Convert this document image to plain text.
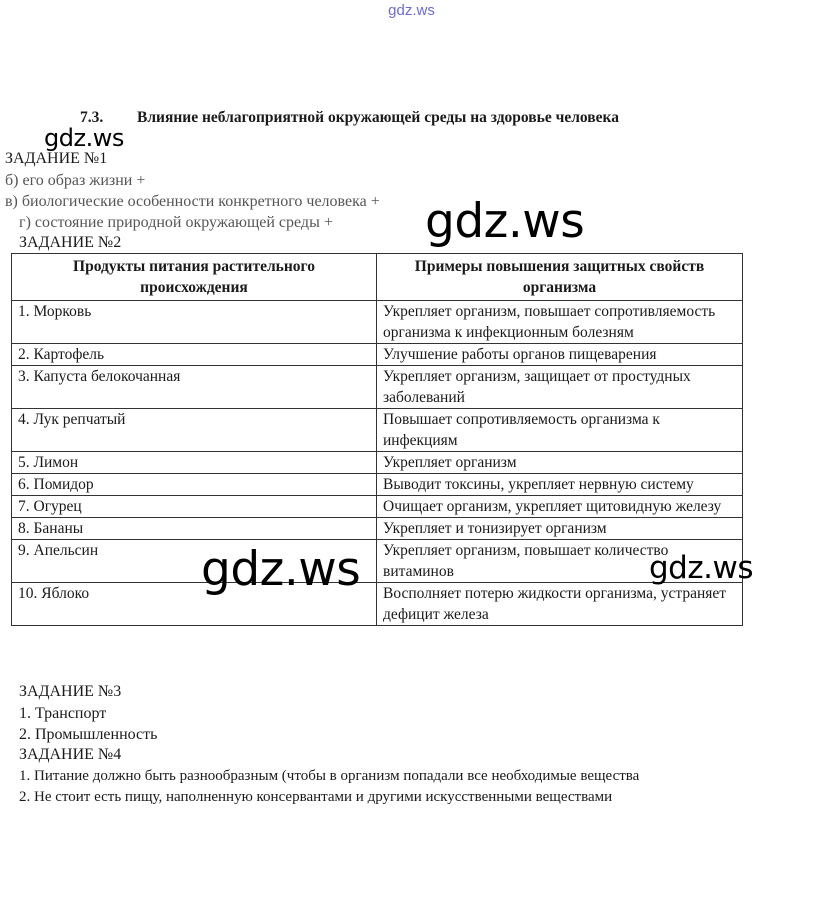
gdz.ws
gdz.ws
7.3. Влияние неблагоприятной окружающей среды на здоровье человека
ЗАДАНИЕ №1
б) его образ жизни +
в) биологические особенности конкретного человека +
г) состояние природной окружающей среды +
ЗАДАНИЕ №2
Продукты питания растительного происхождения	Примеры повышения защитных свойств организма
1. Морковь	Укрепляет организм, повышает сопротивляемость организма к инфекционным болезням
2. Картофель	Улучшение работы органов пищеварения
3. Капуста белокочанная	Укрепляет организм, защищает от простудных заболеваний
4. Лук репчатый	Повышает сопротивляемость организма к инфекциям
5. Лимон	Укрепляет организм
6. Помидор	Выводит токсины, укрепляет нервную систему
7. Огурец	Очищает организм, укрепляет щитовидную железу
8. Бананы	Укрепляет и тонизирует организм
9. Апельсин	Укрепляет организм, повышает количество витаминов
10. Яблоко	Восполняет потерю жидкости организма, устраняет дефицит железа
ЗАДАНИЕ №3
1. Транспорт
2. Промышленность
ЗАДАНИЕ №4
1. Питание должно быть разнообразным (чтобы в организм попадали все необходимые вещества
2. Не стоит есть пищу, наполненную консервантами и другими искусственными веществами
gdz.ws
gdz.ws	gdz.ws
